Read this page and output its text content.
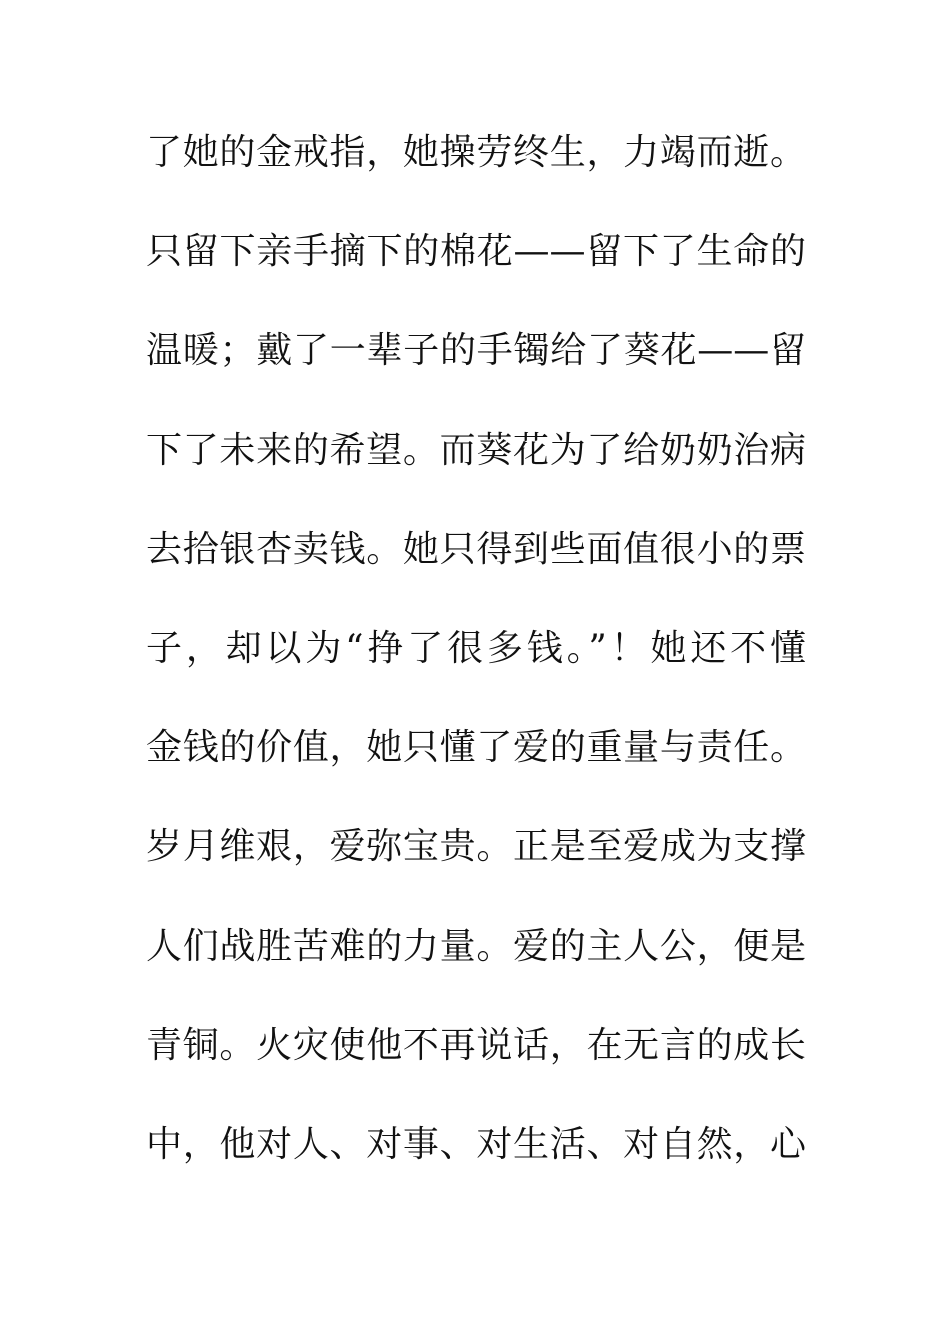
了她的金戒指，她操劳终生，力竭而逝。
只留下亲手摘下的棉花——留下了生命的
温暖；戴了一辈子的手镯给了葵花——留
下了未来的希望。而葵花为了给奶奶治病
去拾银杏卖钱。她只得到些面值很小的票
子，却以为“挣了很多钱。”！她还不懂
金钱的价值，她只懂了爱的重量与责任。
岁月维艰，爱弥宝贵。正是至爱成为支撑
人们战胜苦难的力量。爱的主人公，便是
青铜。火灾使他不再说话，在无言的成长
中，他对人、对事、对生活、对自然，心
